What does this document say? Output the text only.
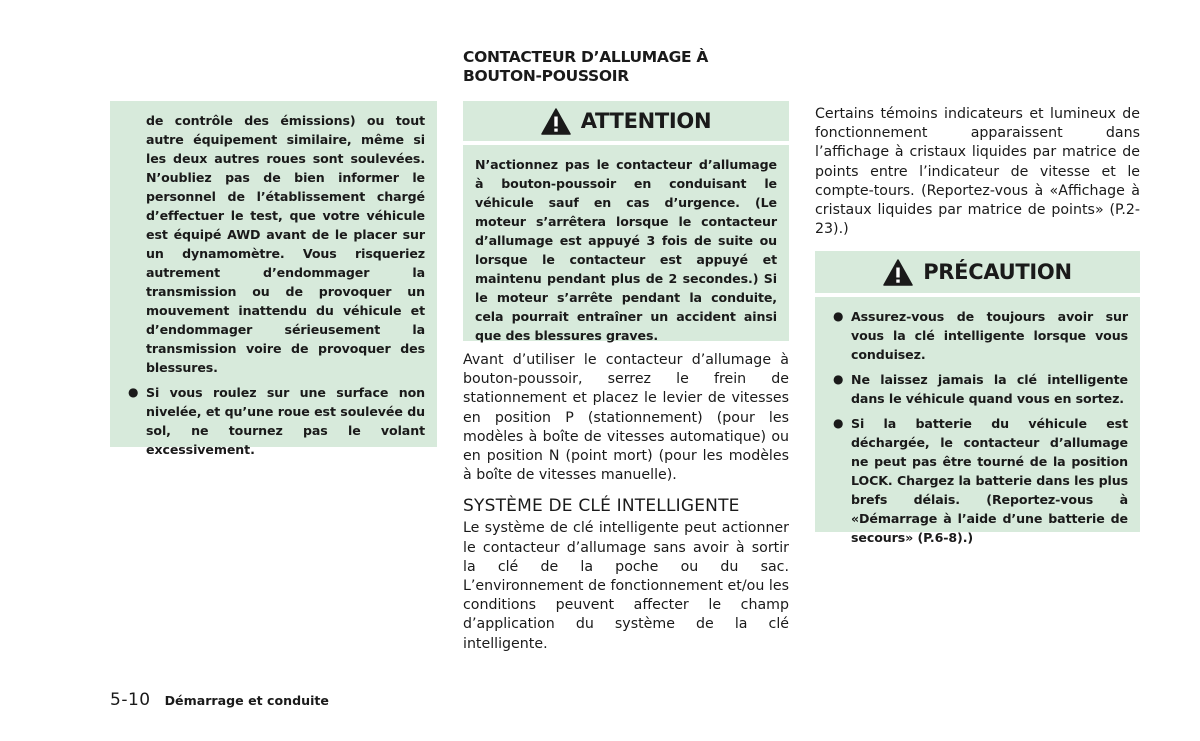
de contrôle des émissions) ou tout autre équipement similaire, même si les deux autres roues sont soulevées. N’oubliez pas de bien informer le personnel de l’établissement chargé d’effectuer le test, que votre véhicule est équipé AWD avant de le placer sur un dynamomètre. Vous risqueriez autrement d’endommager la transmission ou de provoquer un mouvement inattendu du véhicule et d’endommager sérieusement la transmission voire de provoquer des blessures.
● Si vous roulez sur une surface non nivelée, et qu’une roue est soulevée du sol, ne tournez pas le volant excessivement.
CONTACTEUR D’ALLUMAGE À BOUTON-POUSSOIR
ATTENTION
N’actionnez pas le contacteur d’allumage à bouton-poussoir en conduisant le véhicule sauf en cas d’urgence. (Le moteur s’arrêtera lorsque le contacteur d’allumage est appuyé 3 fois de suite ou lorsque le contacteur est appuyé et maintenu pendant plus de 2 secondes.) Si le moteur s’arrête pendant la conduite, cela pourrait entraîner un accident ainsi que des blessures graves.
Avant d’utiliser le contacteur d’allumage à bouton-poussoir, serrez le frein de stationnement et placez le levier de vitesses en position P (stationnement) (pour les modèles à boîte de vitesses automatique) ou en position N (point mort) (pour les modèles à boîte de vitesses manuelle).
SYSTÈME DE CLÉ INTELLIGENTE
Le système de clé intelligente peut actionner le contacteur d’allumage sans avoir à sortir la clé de la poche ou du sac. L’environnement de fonctionnement et/ou les conditions peuvent affecter le champ d’application du système de la clé intelligente.
Certains témoins indicateurs et lumineux de fonctionnement apparaissent dans l’affichage à cristaux liquides par matrice de points entre l’indicateur de vitesse et le compte-tours. (Reportez-vous à «Affichage à cristaux liquides par matrice de points» (P.2-23).)
PRÉCAUTION
● Assurez-vous de toujours avoir sur vous la clé intelligente lorsque vous conduisez.
● Ne laissez jamais la clé intelligente dans le véhicule quand vous en sortez.
● Si la batterie du véhicule est déchargée, le contacteur d’allumage ne peut pas être tourné de la position LOCK. Chargez la batterie dans les plus brefs délais. (Reportez-vous à «Démarrage à l’aide d’une batterie de secours» (P.6-8).)
5-10 Démarrage et conduite
